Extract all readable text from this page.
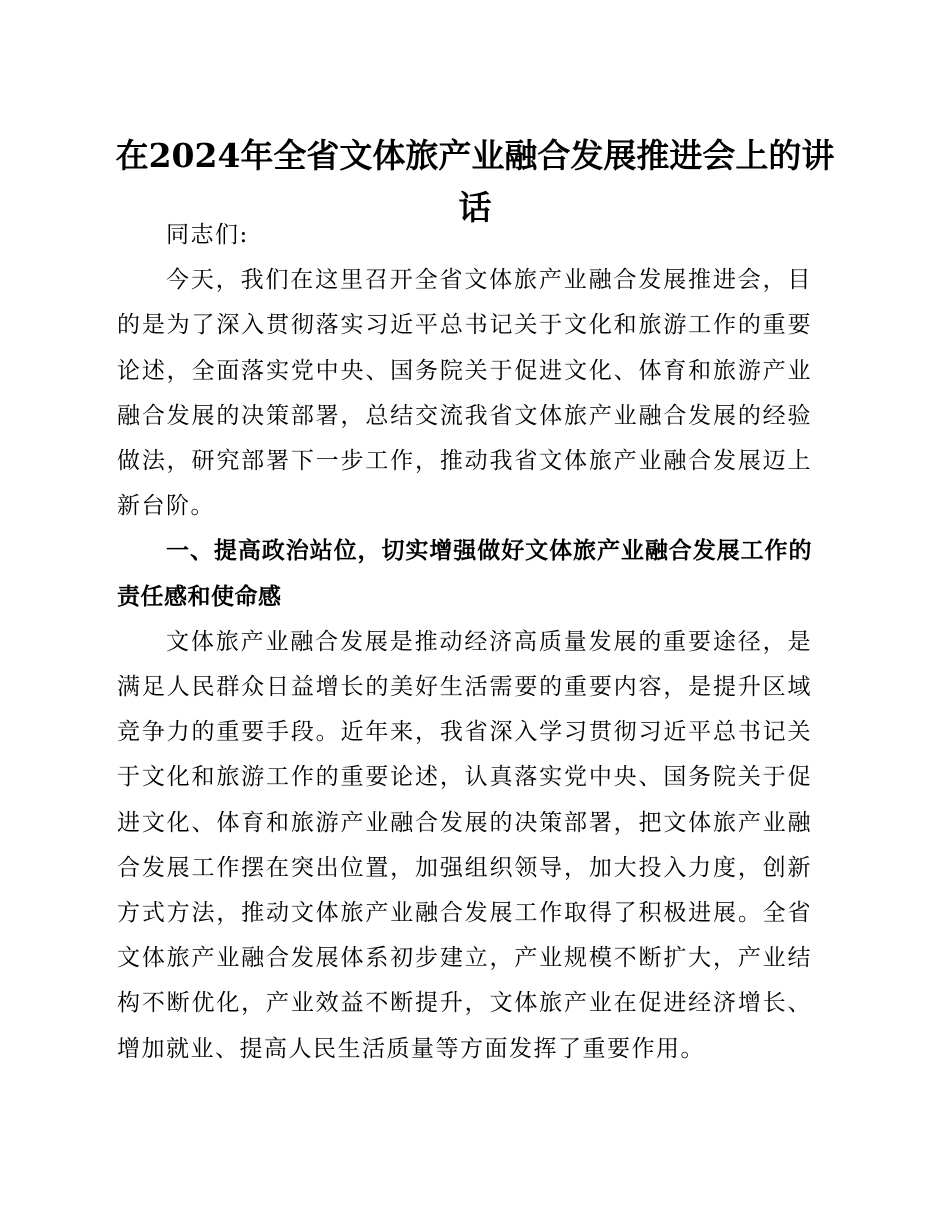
在2024年全省文体旅产业融合发展推进会上的讲话

同志们:

今天，我们在这里召开全省文体旅产业融合发展推进会，目的是为了深入贯彻落实习近平总书记关于文化和旅游工作的重要论述，全面落实党中央、国务院关于促进文化、体育和旅游产业融合发展的决策部署，总结交流我省文体旅产业融合发展的经验做法，研究部署下一步工作，推动我省文体旅产业融合发展迈上新台阶。

一、提高政治站位，切实增强做好文体旅产业融合发展工作的责任感和使命感

文体旅产业融合发展是推动经济高质量发展的重要途径，是满足人民群众日益增长的美好生活需要的重要内容，是提升区域竞争力的重要手段。近年来，我省深入学习贯彻习近平总书记关于文化和旅游工作的重要论述，认真落实党中央、国务院关于促进文化、体育和旅游产业融合发展的决策部署，把文体旅产业融合发展工作摆在突出位置，加强组织领导，加大投入力度，创新方式方法，推动文体旅产业融合发展工作取得了积极进展。全省文体旅产业融合发展体系初步建立，产业规模不断扩大，产业结构不断优化，产业效益不断提升，文体旅产业在促进经济增长、增加就业、提高人民生活质量等方面发挥了重要作用。
